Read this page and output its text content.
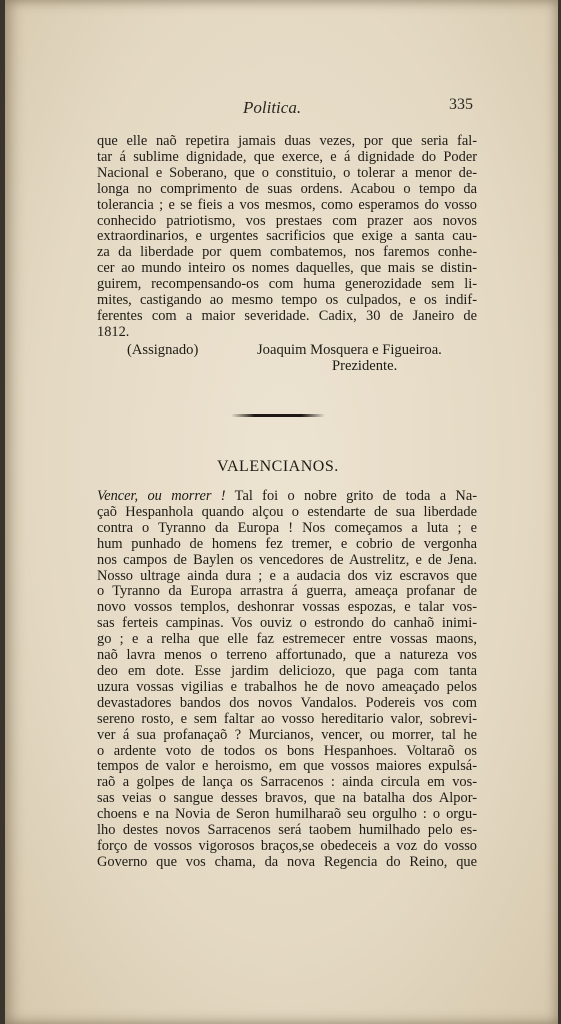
Politica.	335
que elle naõ repetira jamais duas vezes, por que seria fal-
tar á sublime dignidade, que exerce, e á dignidade do Poder
Nacional e Soberano, que o constituio, o tolerar a menor de-
longa no comprimento de suas ordens. Acabou o tempo da
tolerancia ; e se fieis a vos mesmos, como esperamos do vosso
conhecido patriotismo, vos prestaes com prazer aos novos
extraordinarios, e urgentes sacrificios que exige a santa cau-
za da liberdade por quem combatemos, nos faremos conhe-
cer ao mundo inteiro os nomes daquelles, que mais se distin-
guirem, recompensando-os com huma generozidade sem li-
mites, castigando ao mesmo tempo os culpados, e os indif-
ferentes com a maior severidade. Cadix, 30 de Janeiro de
1812.
(Assignado)	Joaquim Mosquera e Figueiroa.
Prezidente.
VALENCIANOS.
Vencer, ou morrer ! Tal foi o nobre grito de toda a Na-
çaõ Hespanhola quando alçou o estendarte de sua liberdade
contra o Tyranno da Europa ! Nos começamos a luta ; e
hum punhado de homens fez tremer, e cobrio de vergonha
nos campos de Baylen os vencedores de Austrelitz, e de Jena.
Nosso ultrage ainda dura ; e a audacia dos viz escravos que
o Tyranno da Europa arrastra á guerra, ameaça profanar de
novo vossos templos, deshonrar vossas espozas, e talar vos-
sas ferteis campinas. Vos ouviz o estrondo do canhaõ inimi-
go ; e a relha que elle faz estremecer entre vossas maons,
naõ lavra menos o terreno affortunado, que a natureza vos
deo em dote. Esse jardim deliciozo, que paga com tanta
uzura vossas vigilias e trabalhos he de novo ameaçado pelos
devastadores bandos dos novos Vandalos. Podereis vos com
sereno rosto, e sem faltar ao vosso hereditario valor, sobrevi-
ver á sua profanaçaõ ? Murcianos, vencer, ou morrer, tal he
o ardente voto de todos os bons Hespanhoes. Voltaraõ os
tempos de valor e heroismo, em que vossos maiores expulsá-
raõ a golpes de lança os Sarracenos : ainda circula em vos-
sas veias o sangue desses bravos, que na batalha dos Alpor-
choens e na Novia de Seron humilharaõ seu orgulho : o orgu-
lho destes novos Sarracenos será taobem humilhado pelo es-
forço de vossos vigorosos braços,se obedeceis a voz do vosso
Governo que vos chama, da nova Regencia do Reino, que
